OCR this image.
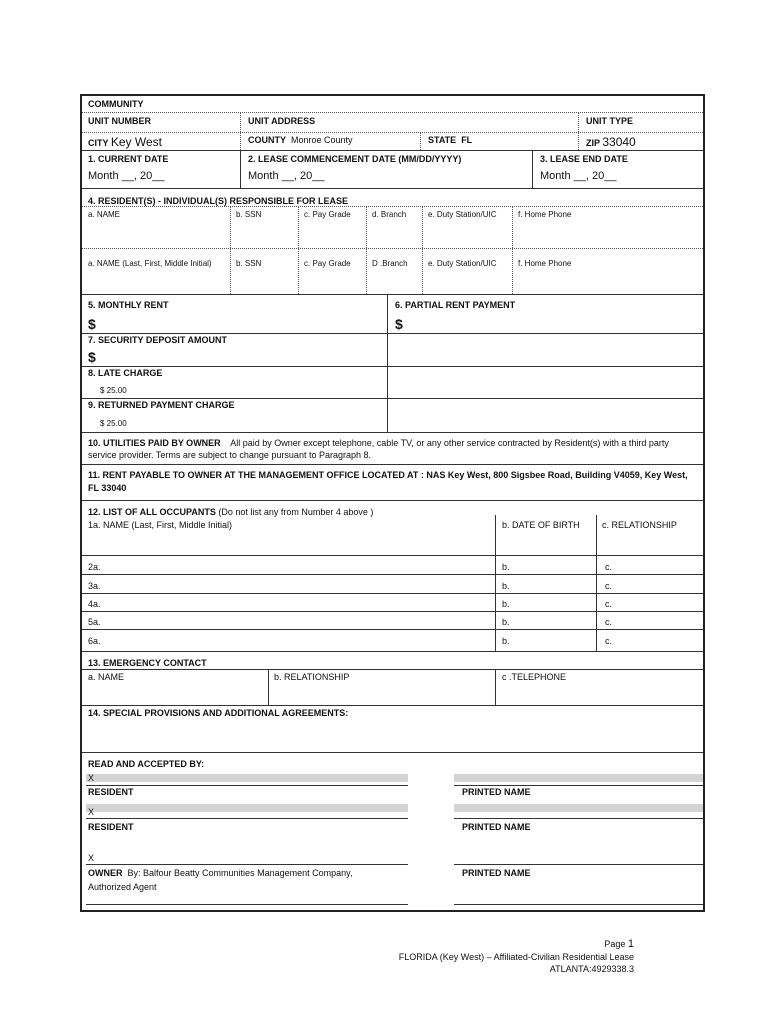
COMMUNITY
UNIT NUMBER	UNIT ADDRESS	UNIT TYPE
CITY Key West	COUNTY Monroe County	STATE FL	ZIP 33040
1. CURRENT DATE	2. LEASE COMMENCEMENT DATE (MM/DD/YYYY)	3. LEASE END DATE
Month __, 20__	Month __, 20__	Month __, 20__
4. RESIDENT(S) - INDIVIDUAL(S) RESPONSIBLE FOR LEASE
a. NAME	b. SSN	c. Pay Grade	d. Branch	e. Duty Station/UIC	f. Home Phone
a. NAME (Last, First, Middle Initial)	b. SSN	c. Pay Grade	D .Branch	e. Duty Station/UIC	f. Home Phone
5. MONTHLY RENT
$
6. PARTIAL RENT PAYMENT
$
7. SECURITY DEPOSIT AMOUNT
$
8. LATE CHARGE
$ 25.00
9. RETURNED PAYMENT CHARGE
$ 25.00
10. UTILITIES PAID BY OWNER All paid by Owner except telephone, cable TV, or any other service contracted by Resident(s) with a third party
service provider. Terms are subject to change pursuant to Paragraph 8.
11. RENT PAYABLE TO OWNER AT THE MANAGEMENT OFFICE LOCATED AT : NAS Key West, 800 Sigsbee Road, Building V4059, Key West,
FL 33040
12. LIST OF ALL OCCUPANTS (Do not list any from Number 4 above )
1a. NAME (Last, First, Middle Initial)	b. DATE OF BIRTH c. RELATIONSHIP
2a.	b.	c.
3a.	b.	c.
4a.	b.	c.
5a.	b.	c.
6a.	b.	c.
13. EMERGENCY CONTACT
a. NAME	b. RELATIONSHIP	c .TELEPHONE
14. SPECIAL PROVISIONS AND ADDITIONAL AGREEMENTS:
READ AND ACCEPTED BY:
X
RESIDENT	PRINTED NAME
X
RESIDENT	PRINTED NAME
X
OWNER By: Balfour Beatty Communities Management Company,	PRINTED NAME
Authorized Agent
Page 1
FLORIDA (Key West) – Affiliated-Civilian Residential Lease
ATLANTA:4929338.3
